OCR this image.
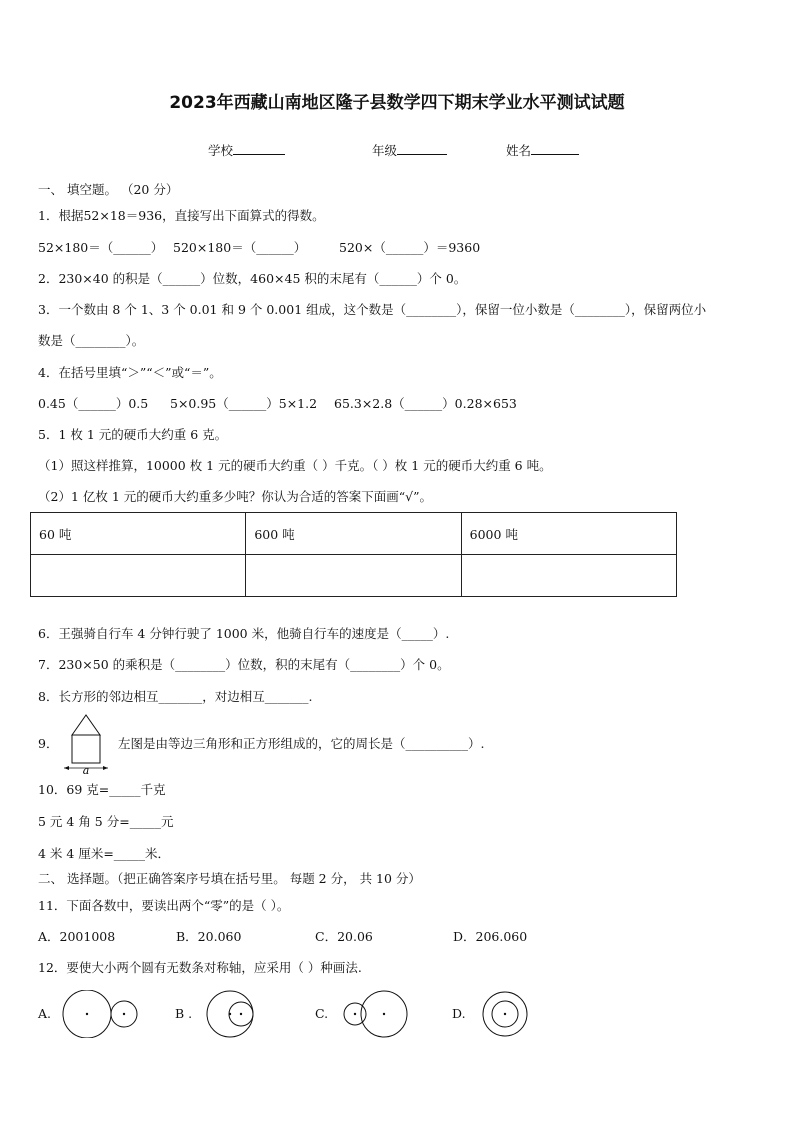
2023年西藏山南地区隆子县数学四下期末学业水平测试试题
学校	年级	姓名
一、 填空题。 （20 分）
1．根据52×18＝936，直接写出下面算式的得数。
52×180＝（______） 520×180＝（______）	520×（______）＝9360
2．230×40 的积是（______）位数，460×45 积的末尾有（______）个 0。
3．一个数由 8 个 1、3 个 0.01 和 9 个 0.001 组成，这个数是（________），保留一位小数是（________），保留两位小
数是（________）。
4．在括号里填“＞”“＜”或“＝”。
0.45（______）0.5 5×0.95（______）5×1.2 65.3×2.8（______）0.28×653
5．1 枚 1 元的硬币大约重 6 克。
（1）照这样推算，10000 枚 1 元的硬币大约重（ ）千克。（ ）枚 1 元的硬币大约重 6 吨。
（2）1 亿枚 1 元的硬币大约重多少吨？你认为合适的答案下面画“√”。
60 吨	600 吨	6000 吨

6．王强骑自行车 4 分钟行驶了 1000 米，他骑自行车的速度是（_____）.
7．230×50 的乘积是（________）位数，积的末尾有（________）个 0。
8．长方形的邻边相互_______，对边相互_______.
9．
a
左图是由等边三角形和正方形组成的，它的周长是（__________）.
10．69 克=_____千克
5 元 4 角 5 分=_____元
4 米 4 厘米=_____米．
二、 选择题。（把正确答案序号填在括号里。 每题 2 分， 共 10 分）
11．下面各数中，要读出两个“零”的是（ ）。
A．2001008	B．20.060	C．20.06	D．206.060
12．要使大小两个圆有无数条对称轴，应采用（ ）种画法.
A.	B .	C.	D.
